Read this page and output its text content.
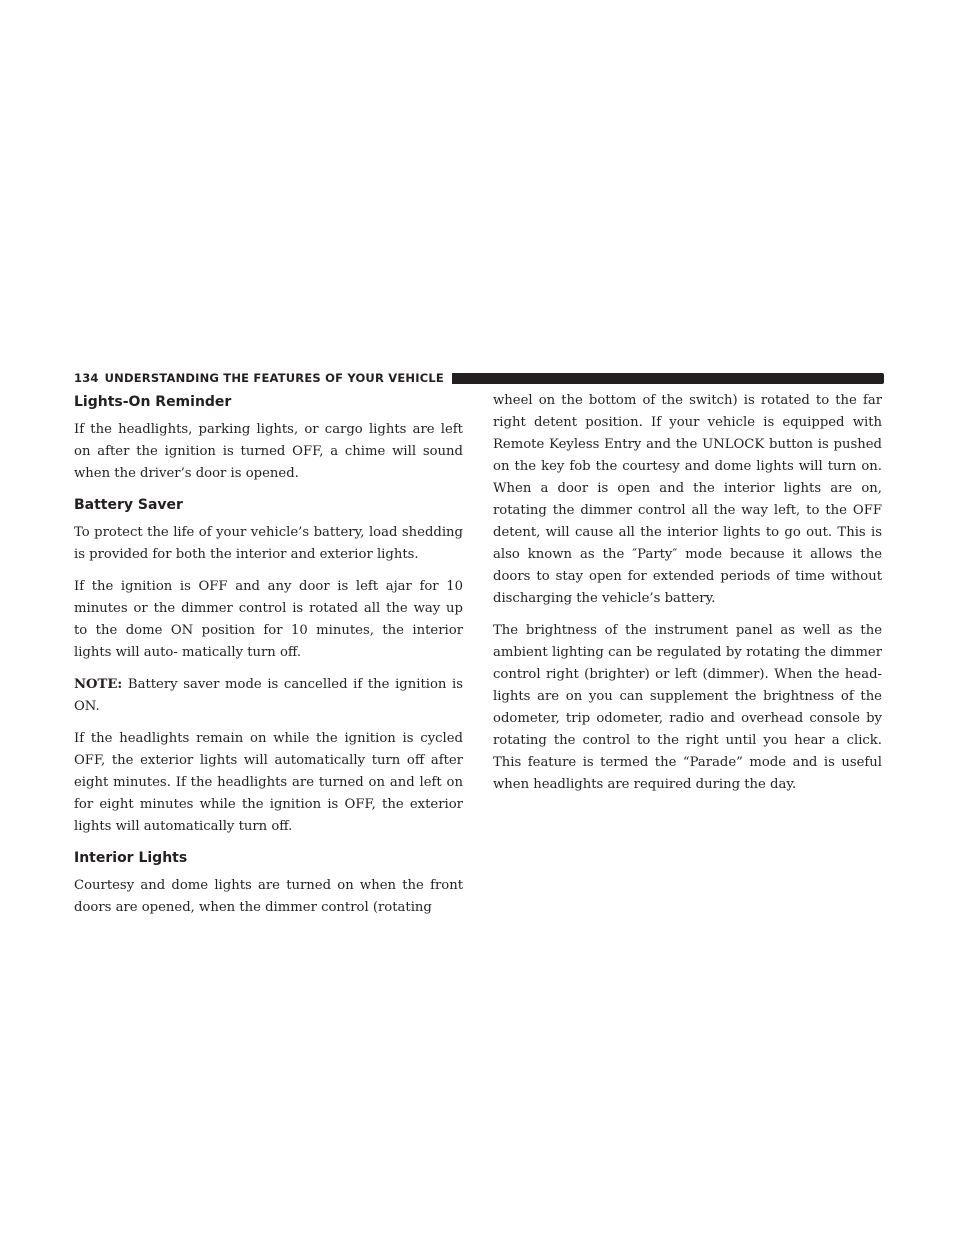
134 UNDERSTANDING THE FEATURES OF YOUR VEHICLE
Lights-On Reminder

If the headlights, parking lights, or cargo lights are left on after the ignition is turned OFF, a chime will sound when the driver’s door is opened.

Battery Saver

To protect the life of your vehicle’s battery, load shedding is provided for both the interior and exterior lights.

If the ignition is OFF and any door is left ajar for 10 minutes or the dimmer control is rotated all the way up to the dome ON position for 10 minutes, the interior lights will auto- matically turn off.

NOTE: Battery saver mode is cancelled if the ignition is ON.

If the headlights remain on while the ignition is cycled OFF, the exterior lights will automatically turn off after eight minutes. If the headlights are turned on and left on for eight minutes while the ignition is OFF, the exterior lights will automatically turn off.

Interior Lights

Courtesy and dome lights are turned on when the front doors are opened, when the dimmer control (rotating

wheel on the bottom of the switch) is rotated to the far right detent position. If your vehicle is equipped with Remote Keyless Entry and the UNLOCK button is pushed on the key fob the courtesy and dome lights will turn on. When a door is open and the interior lights are on, rotating the dimmer control all the way left, to the OFF detent, will cause all the interior lights to go out. This is also known as the ″Party″ mode because it allows the doors to stay open for extended periods of time without discharging the vehicle’s battery.

The brightness of the instrument panel as well as the ambient lighting can be regulated by rotating the dimmer control right (brighter) or left (dimmer). When the head- lights are on you can supplement the brightness of the odometer, trip odometer, radio and overhead console by rotating the control to the right until you hear a click. This feature is termed the “Parade” mode and is useful when headlights are required during the day.
